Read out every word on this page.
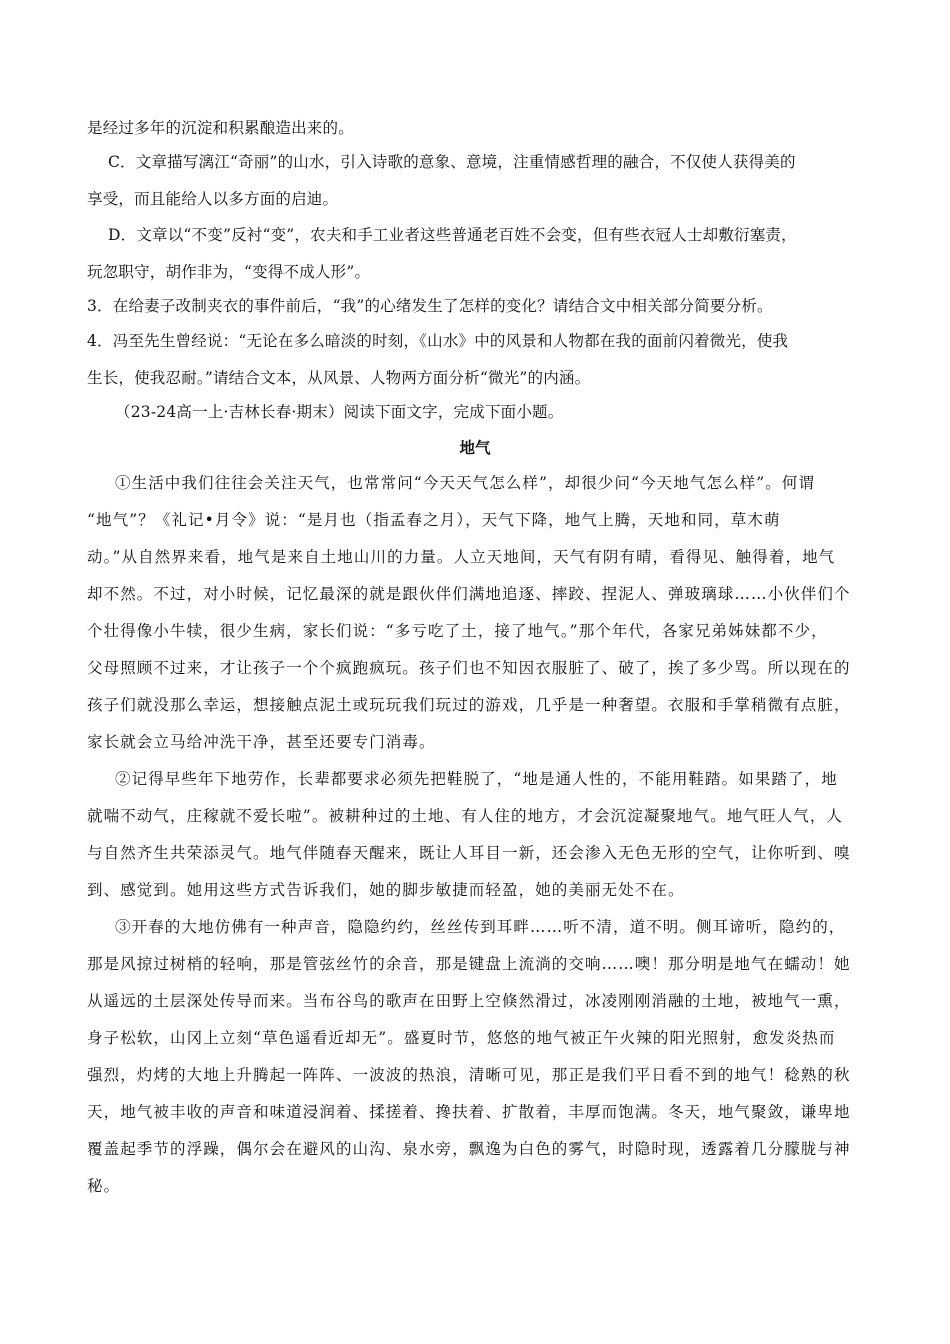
是经过多年的沉淀和积累酿造出来的。
C．文章描写漓江“奇丽”的山水，引入诗歌的意象、意境，注重情感哲理的融合，不仅使人获得美的
享受，而且能给人以多方面的启迪。
D．文章以“不变”反衬“变”，农夫和手工业者这些普通老百姓不会变，但有些衣冠人士却敷衍塞责，
玩忽职守，胡作非为，“变得不成人形”。
3．在给妻子改制夹衣的事件前后，“我”的心绪发生了怎样的变化？请结合文中相关部分简要分析。
4．冯至先生曾经说：“无论在多么暗淡的时刻，《山水》中的风景和人物都在我的面前闪着微光，使我
生长，使我忍耐。”请结合文本，从风景、人物两方面分析“微光”的内涵。
（23-24高一上·吉林长春·期末）阅读下面文字，完成下面小题。
地气
①生活中我们往往会关注天气，也常常问“今天天气怎么样”，却很少问“今天地气怎么样”。何谓
“地气”？《礼记•月令》说：“是月也（指孟春之月），天气下降，地气上腾，天地和同，草木萌
动。”从自然界来看，地气是来自土地山川的力量。人立天地间，天气有阴有晴，看得见、触得着，地气
却不然。不过，对小时候，记忆最深的就是跟伙伴们满地追逐、摔跤、捏泥人、弹玻璃球……小伙伴们个
个壮得像小牛犊，很少生病，家长们说：“多亏吃了土，接了地气。”那个年代，各家兄弟姊妹都不少，
父母照顾不过来，才让孩子一个个疯跑疯玩。孩子们也不知因衣服脏了、破了，挨了多少骂。所以现在的
孩子们就没那么幸运，想接触点泥土或玩玩我们玩过的游戏，几乎是一种奢望。衣服和手掌稍微有点脏，
家长就会立马给冲洗干净，甚至还要专门消毒。
②记得早些年下地劳作，长辈都要求必须先把鞋脱了，“地是通人性的，不能用鞋踏。如果踏了，地
就喘不动气，庄稼就不爱长啦”。被耕种过的土地、有人住的地方，才会沉淀凝聚地气。地气旺人气，人
与自然齐生共荣添灵气。地气伴随春天醒来，既让人耳目一新，还会渗入无色无形的空气，让你听到、嗅
到、感觉到。她用这些方式告诉我们，她的脚步敏捷而轻盈，她的美丽无处不在。
③开春的大地仿佛有一种声音，隐隐约约，丝丝传到耳畔……听不清，道不明。侧耳谛听，隐约的，
那是风掠过树梢的轻响，那是管弦丝竹的余音，那是键盘上流淌的交响……噢！那分明是地气在蠕动！她
从遥远的土层深处传导而来。当布谷鸟的歌声在田野上空倏然滑过，冰凌刚刚消融的土地，被地气一熏，
身子松软，山冈上立刻“草色遥看近却无”。盛夏时节，悠悠的地气被正午火辣的阳光照射，愈发炎热而
强烈，灼烤的大地上升腾起一阵阵、一波波的热浪，清晰可见，那正是我们平日看不到的地气！稔熟的秋
天，地气被丰收的声音和味道浸润着、揉搓着、搀扶着、扩散着，丰厚而饱满。冬天，地气聚敛，谦卑地
覆盖起季节的浮躁，偶尔会在避风的山沟、泉水旁，飘逸为白色的雾气，时隐时现，透露着几分朦胧与神
秘。
